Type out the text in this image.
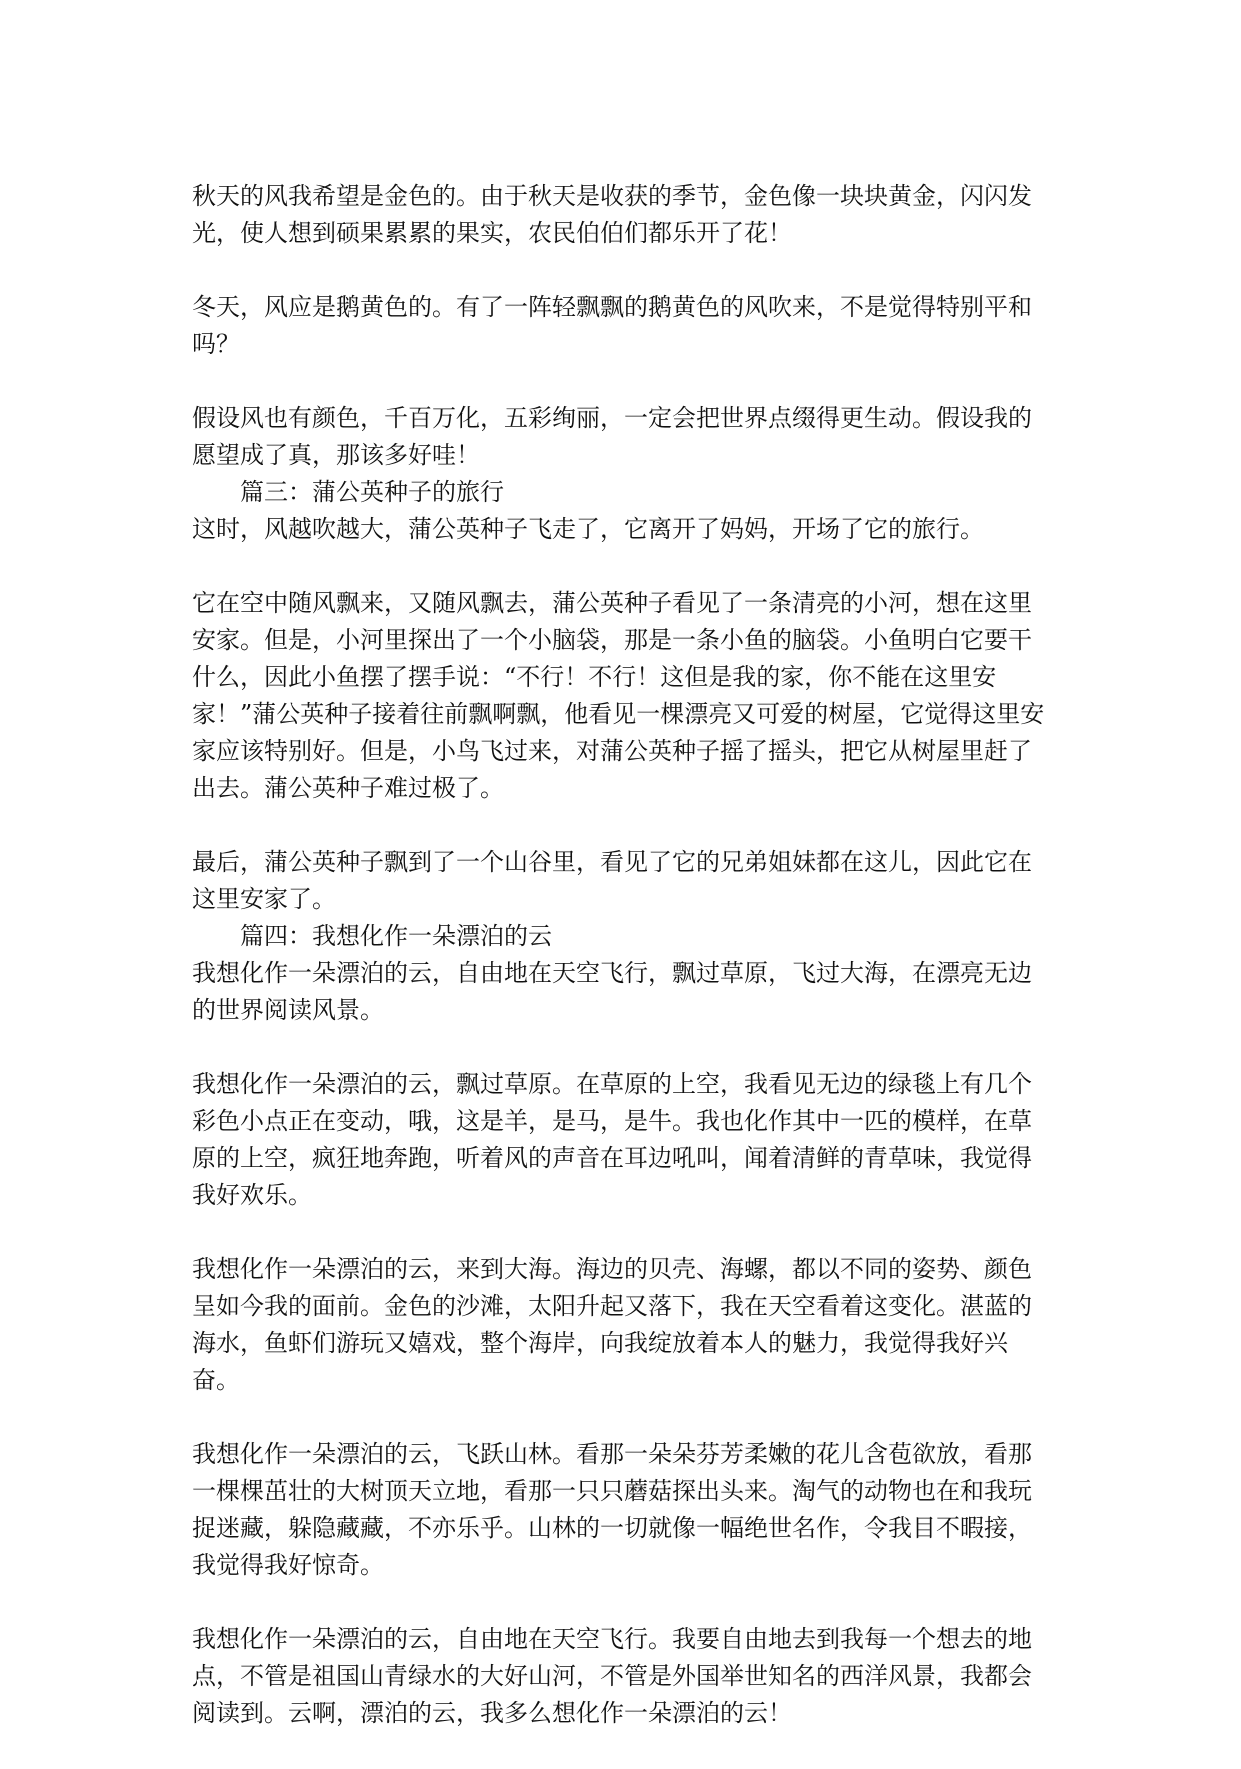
秋天的风我希望是金色的。由于秋天是收获的季节，金色像一块块黄金，闪闪发光，使人想到硕果累累的果实，农民伯伯们都乐开了花！

冬天，风应是鹅黄色的。有了一阵轻飘飘的鹅黄色的风吹来，不是觉得特别平和吗？

假设风也有颜色，千百万化，五彩绚丽，一定会把世界点缀得更生动。假设我的愿望成了真，那该多好哇！

篇三：蒲公英种子的旅行

这时，风越吹越大，蒲公英种子飞走了，它离开了妈妈，开场了它的旅行。

它在空中随风飘来，又随风飘去，蒲公英种子看见了一条清亮的小河，想在这里安家。但是，小河里探出了一个小脑袋，那是一条小鱼的脑袋。小鱼明白它要干什么，因此小鱼摆了摆手说：“不行！不行！这但是我的家，你不能在这里安家！”蒲公英种子接着往前飘啊飘，他看见一棵漂亮又可爱的树屋，它觉得这里安家应该特别好。但是，小鸟飞过来，对蒲公英种子摇了摇头，把它从树屋里赶了出去。蒲公英种子难过极了。

最后，蒲公英种子飘到了一个山谷里，看见了它的兄弟姐妹都在这儿，因此它在这里安家了。

篇四：我想化作一朵漂泊的云

我想化作一朵漂泊的云，自由地在天空飞行，飘过草原，飞过大海，在漂亮无边的世界阅读风景。

我想化作一朵漂泊的云，飘过草原。在草原的上空，我看见无边的绿毯上有几个彩色小点正在变动，哦，这是羊，是马，是牛。我也化作其中一匹的模样，在草原的上空，疯狂地奔跑，听着风的声音在耳边吼叫，闻着清鲜的青草味，我觉得我好欢乐。

我想化作一朵漂泊的云，来到大海。海边的贝壳、海螺，都以不同的姿势、颜色呈如今我的面前。金色的沙滩，太阳升起又落下，我在天空看着这变化。湛蓝的海水，鱼虾们游玩又嬉戏，整个海岸，向我绽放着本人的魅力，我觉得我好兴奋。

我想化作一朵漂泊的云，飞跃山林。看那一朵朵芬芳柔嫩的花儿含苞欲放，看那一棵棵茁壮的大树顶天立地，看那一只只蘑菇探出头来。淘气的动物也在和我玩捉迷藏，躲隐藏藏，不亦乐乎。山林的一切就像一幅绝世名作，令我目不暇接，我觉得我好惊奇。

我想化作一朵漂泊的云，自由地在天空飞行。我要自由地去到我每一个想去的地点，不管是祖国山青绿水的大好山河，不管是外国举世知名的西洋风景，我都会阅读到。云啊，漂泊的云，我多么想化作一朵漂泊的云！
